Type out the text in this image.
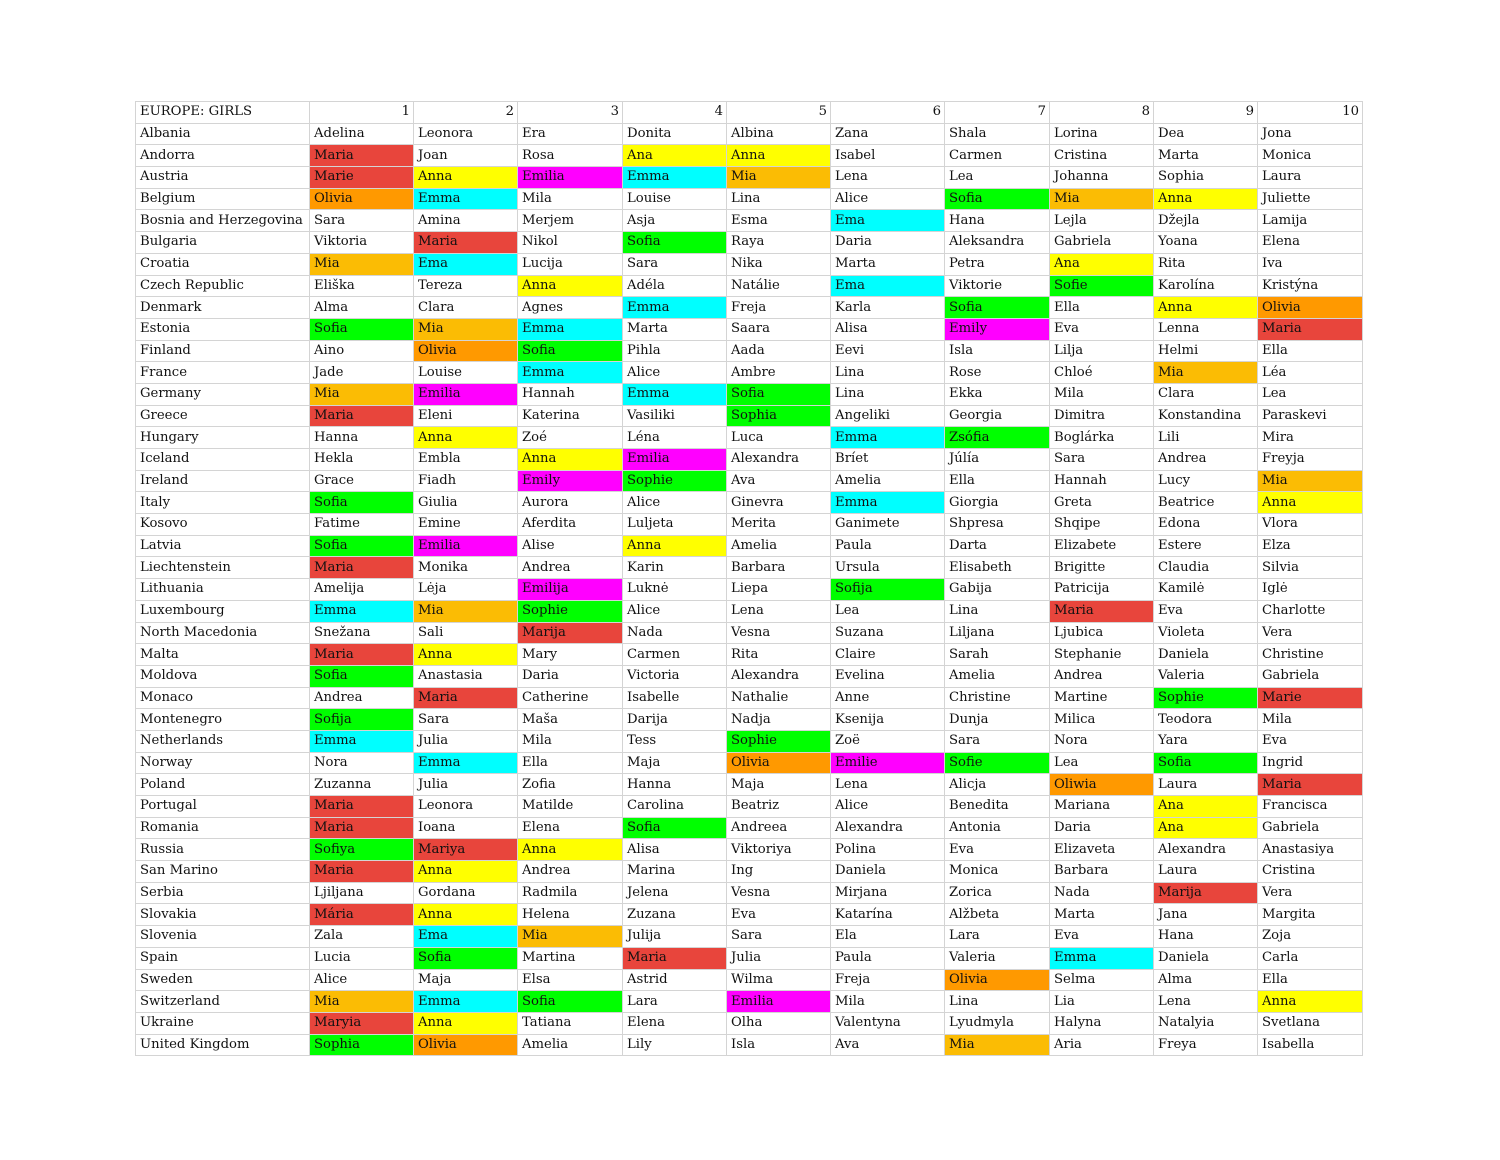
EUROPE: GIRLS	1	2	3	4	5	6	7	8	9	10
Albania	Adelina	Leonora	Era	Donita	Albina	Zana	Shala	Lorina	Dea	Jona
Andorra	Maria	Joan	Rosa	Ana	Anna	Isabel	Carmen	Cristina	Marta	Monica
Austria	Marie	Anna	Emilia	Emma	Mia	Lena	Lea	Johanna	Sophia	Laura
Belgium	Olivia	Emma	Mila	Louise	Lina	Alice	Sofia	Mia	Anna	Juliette
Bosnia and Herzegovina	Sara	Amina	Merjem	Asja	Esma	Ema	Hana	Lejla	Džejla	Lamija
Bulgaria	Viktoria	Maria	Nikol	Sofia	Raya	Daria	Aleksandra	Gabriela	Yoana	Elena
Croatia	Mia	Ema	Lucija	Sara	Nika	Marta	Petra	Ana	Rita	Iva
Czech Republic	Eliška	Tereza	Anna	Adéla	Natálie	Ema	Viktorie	Sofie	Karolína	Kristýna
Denmark	Alma	Clara	Agnes	Emma	Freja	Karla	Sofia	Ella	Anna	Olivia
Estonia	Sofia	Mia	Emma	Marta	Saara	Alisa	Emily	Eva	Lenna	Maria
Finland	Aino	Olivia	Sofia	Pihla	Aada	Eevi	Isla	Lilja	Helmi	Ella
France	Jade	Louise	Emma	Alice	Ambre	Lina	Rose	Chloé	Mia	Léa
Germany	Mia	Emilia	Hannah	Emma	Sofia	Lina	Ekka	Mila	Clara	Lea
Greece	Maria	Eleni	Katerina	Vasiliki	Sophia	Angeliki	Georgia	Dimitra	Konstandina	Paraskevi
Hungary	Hanna	Anna	Zoé	Léna	Luca	Emma	Zsófia	Boglárka	Lili	Mira
Iceland	Hekla	Embla	Anna	Emilia	Alexandra	Bríet	Júlía	Sara	Andrea	Freyja
Ireland	Grace	Fiadh	Emily	Sophie	Ava	Amelia	Ella	Hannah	Lucy	Mia
Italy	Sofia	Giulia	Aurora	Alice	Ginevra	Emma	Giorgia	Greta	Beatrice	Anna
Kosovo	Fatime	Emine	Aferdita	Luljeta	Merita	Ganimete	Shpresa	Shqipe	Edona	Vlora
Latvia	Sofia	Emilia	Alise	Anna	Amelia	Paula	Darta	Elizabete	Estere	Elza
Liechtenstein	Maria	Monika	Andrea	Karin	Barbara	Ursula	Elisabeth	Brigitte	Claudia	Silvia
Lithuania	Amelija	Lėja	Emilija	Luknė	Liepa	Sofija	Gabija	Patricija	Kamilė	Iglė
Luxembourg	Emma	Mia	Sophie	Alice	Lena	Lea	Lina	Maria	Eva	Charlotte
North Macedonia	Snežana	Sali	Marija	Nada	Vesna	Suzana	Liljana	Ljubica	Violeta	Vera
Malta	Maria	Anna	Mary	Carmen	Rita	Claire	Sarah	Stephanie	Daniela	Christine
Moldova	Sofia	Anastasia	Daria	Victoria	Alexandra	Evelina	Amelia	Andrea	Valeria	Gabriela
Monaco	Andrea	Maria	Catherine	Isabelle	Nathalie	Anne	Christine	Martine	Sophie	Marie
Montenegro	Sofija	Sara	Maša	Darija	Nadja	Ksenija	Dunja	Milica	Teodora	Mila
Netherlands	Emma	Julia	Mila	Tess	Sophie	Zoë	Sara	Nora	Yara	Eva
Norway	Nora	Emma	Ella	Maja	Olivia	Emilie	Sofie	Lea	Sofia	Ingrid
Poland	Zuzanna	Julia	Zofia	Hanna	Maja	Lena	Alicja	Oliwia	Laura	Maria
Portugal	Maria	Leonora	Matilde	Carolina	Beatriz	Alice	Benedita	Mariana	Ana	Francisca
Romania	Maria	Ioana	Elena	Sofia	Andreea	Alexandra	Antonia	Daria	Ana	Gabriela
Russia	Sofiya	Mariya	Anna	Alisa	Viktoriya	Polina	Eva	Elizaveta	Alexandra	Anastasiya
San Marino	Maria	Anna	Andrea	Marina	Ing	Daniela	Monica	Barbara	Laura	Cristina
Serbia	Ljiljana	Gordana	Radmila	Jelena	Vesna	Mirjana	Zorica	Nada	Marija	Vera
Slovakia	Mária	Anna	Helena	Zuzana	Eva	Katarína	Alžbeta	Marta	Jana	Margita
Slovenia	Zala	Ema	Mia	Julija	Sara	Ela	Lara	Eva	Hana	Zoja
Spain	Lucia	Sofia	Martina	Maria	Julia	Paula	Valeria	Emma	Daniela	Carla
Sweden	Alice	Maja	Elsa	Astrid	Wilma	Freja	Olivia	Selma	Alma	Ella
Switzerland	Mia	Emma	Sofia	Lara	Emilia	Mila	Lina	Lia	Lena	Anna
Ukraine	Maryia	Anna	Tatiana	Elena	Olha	Valentyna	Lyudmyla	Halyna	Natalyia	Svetlana
United Kingdom	Sophia	Olivia	Amelia	Lily	Isla	Ava	Mia	Aria	Freya	Isabella
